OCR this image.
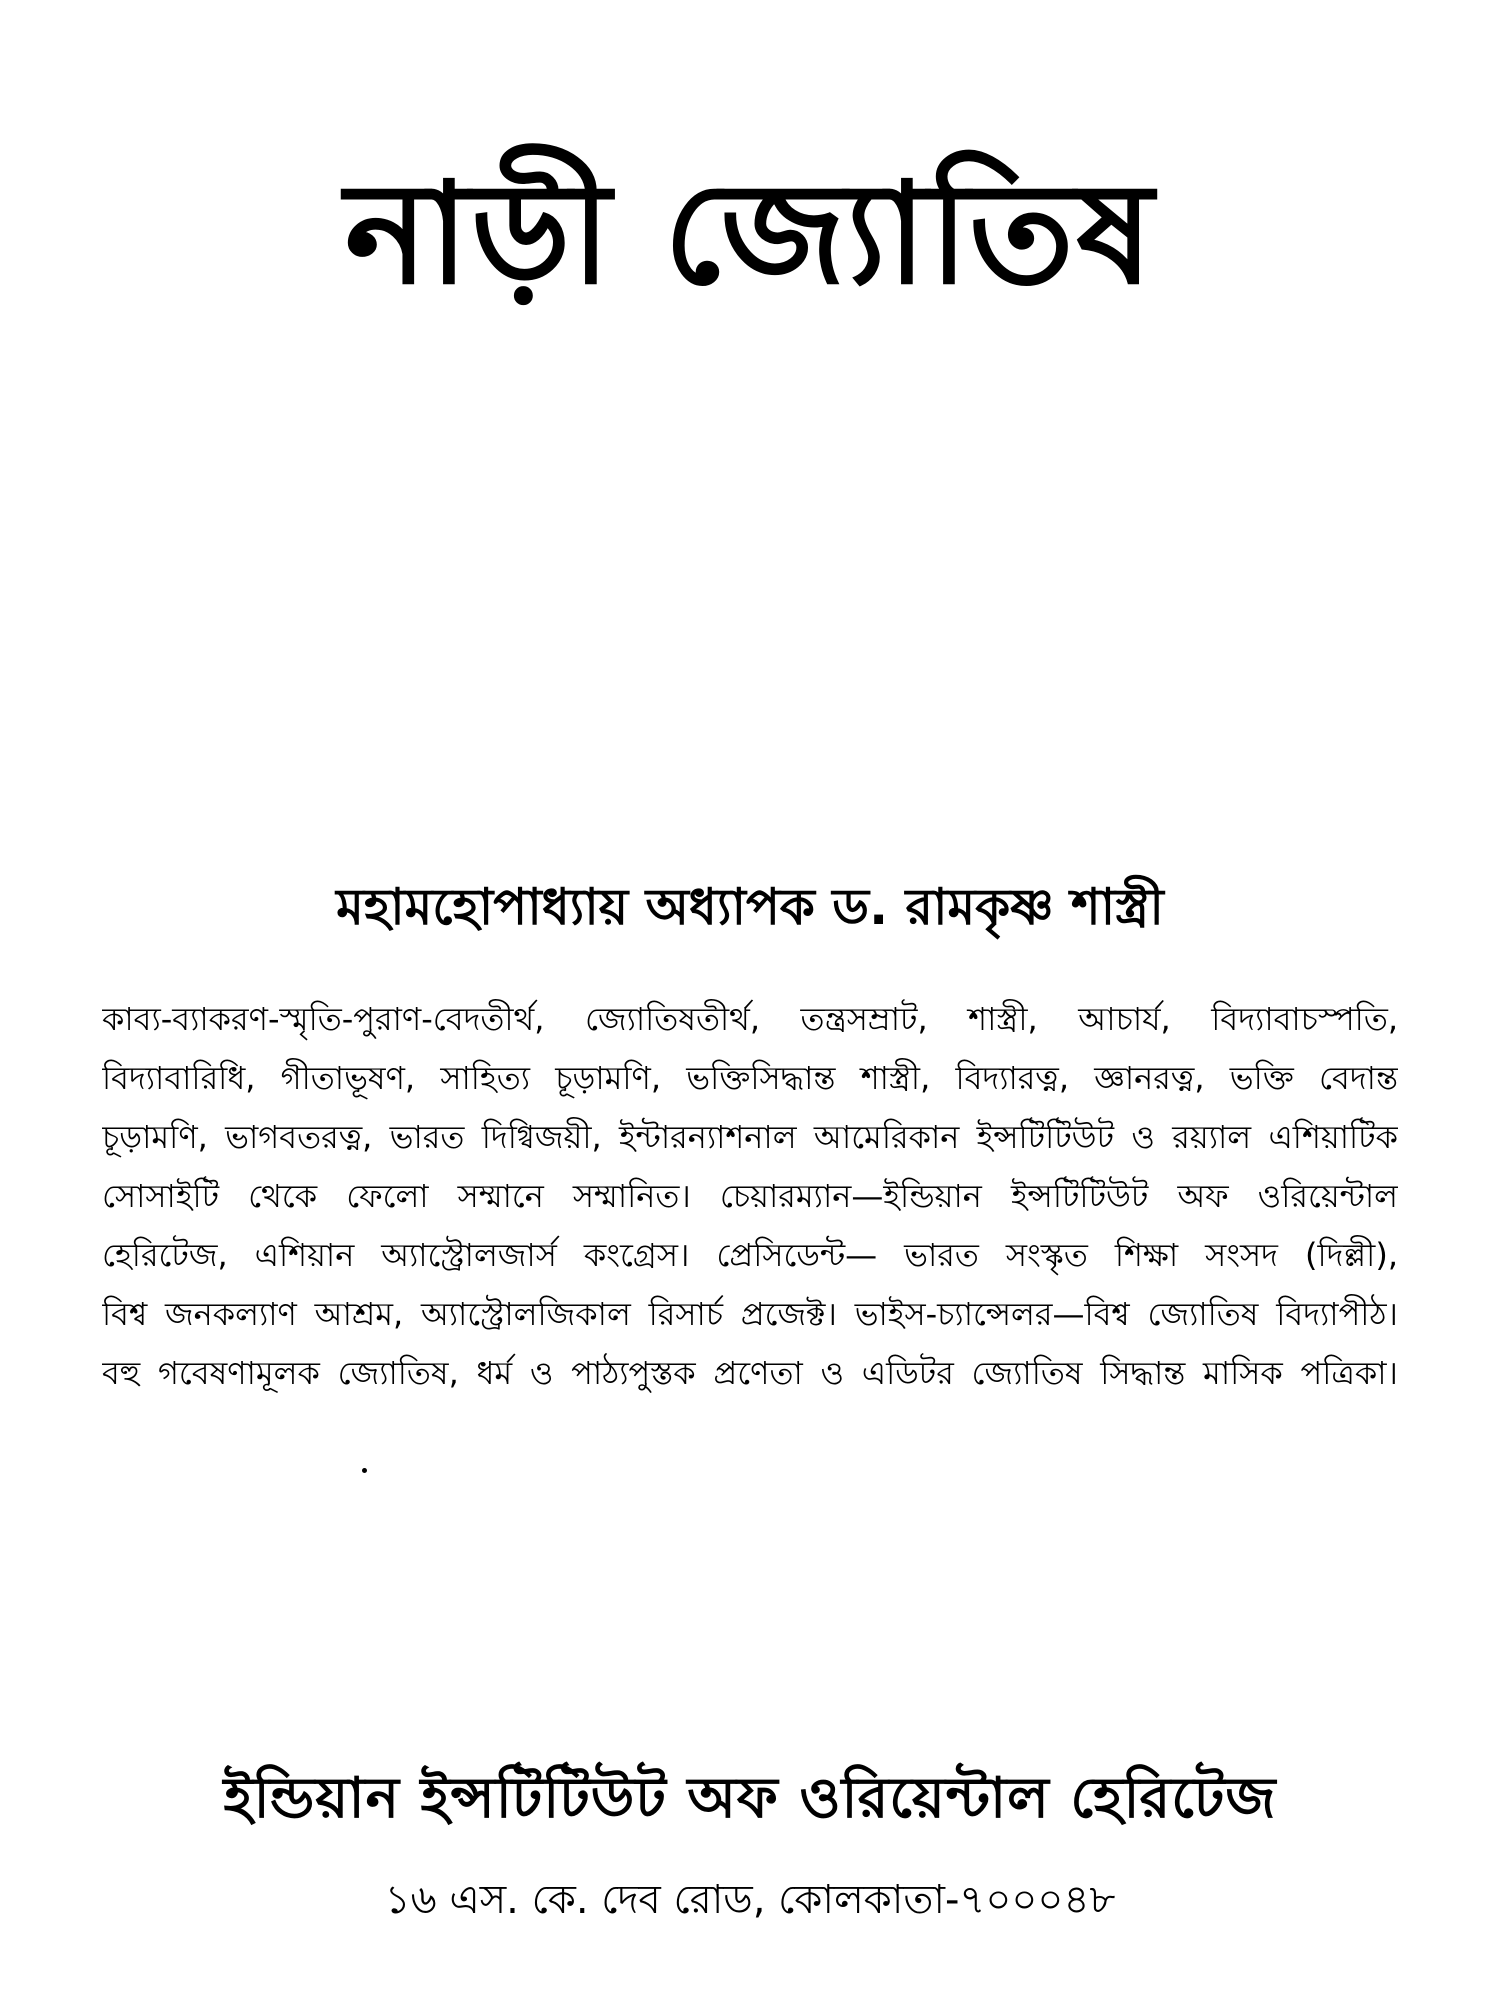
নাড়ী জ্যোতিষ
মহামহোপাধ্যায় অধ্যাপক ড. রামকৃষ্ণ শাস্ত্রী
কাব্য-ব্যাকরণ-স্মৃতি-পুরাণ-বেদতীর্থ, জ্যোতিষতীর্থ, তন্ত্রসম্রাট, শাস্ত্রী, আচার্য, বিদ্যাবাচস্পতি,
বিদ্যাবারিধি, গীতাভূষণ, সাহিত্য চূড়ামণি, ভক্তিসিদ্ধান্ত শাস্ত্রী, বিদ্যারত্ন, জ্ঞানরত্ন, ভক্তি বেদান্ত
চূড়ামণি, ভাগবতরত্ন, ভারত দিগ্বিজয়ী, ইন্টারন্যাশনাল আমেরিকান ইন্সটিটিউট ও রয়্যাল এশিয়াটিক
সোসাইটি থেকে ফেলো সম্মানে সম্মানিত। চেয়ারম্যান—ইন্ডিয়ান ইন্সটিটিউট অফ ওরিয়েন্টাল
হেরিটেজ, এশিয়ান অ্যাস্ট্রোলজার্স কংগ্রেস। প্রেসিডেন্ট— ভারত সংস্কৃত শিক্ষা সংসদ (দিল্লী),
বিশ্ব জনকল্যাণ আশ্রম, অ্যাস্ট্রোলজিকাল রিসার্চ প্রজেক্ট। ভাইস-চ্যান্সেলর—বিশ্ব জ্যোতিষ বিদ্যাপীঠ।
বহু গবেষণামূলক জ্যোতিষ, ধর্ম ও পাঠ্যপুস্তক প্রণেতা ও এডিটর জ্যোতিষ সিদ্ধান্ত মাসিক পত্রিকা।
ইন্ডিয়ান ইন্সটিটিউট অফ ওরিয়েন্টাল হেরিটেজ
১৬ এস. কে. দেব রোড, কোলকাতা-৭০০০৪৮
